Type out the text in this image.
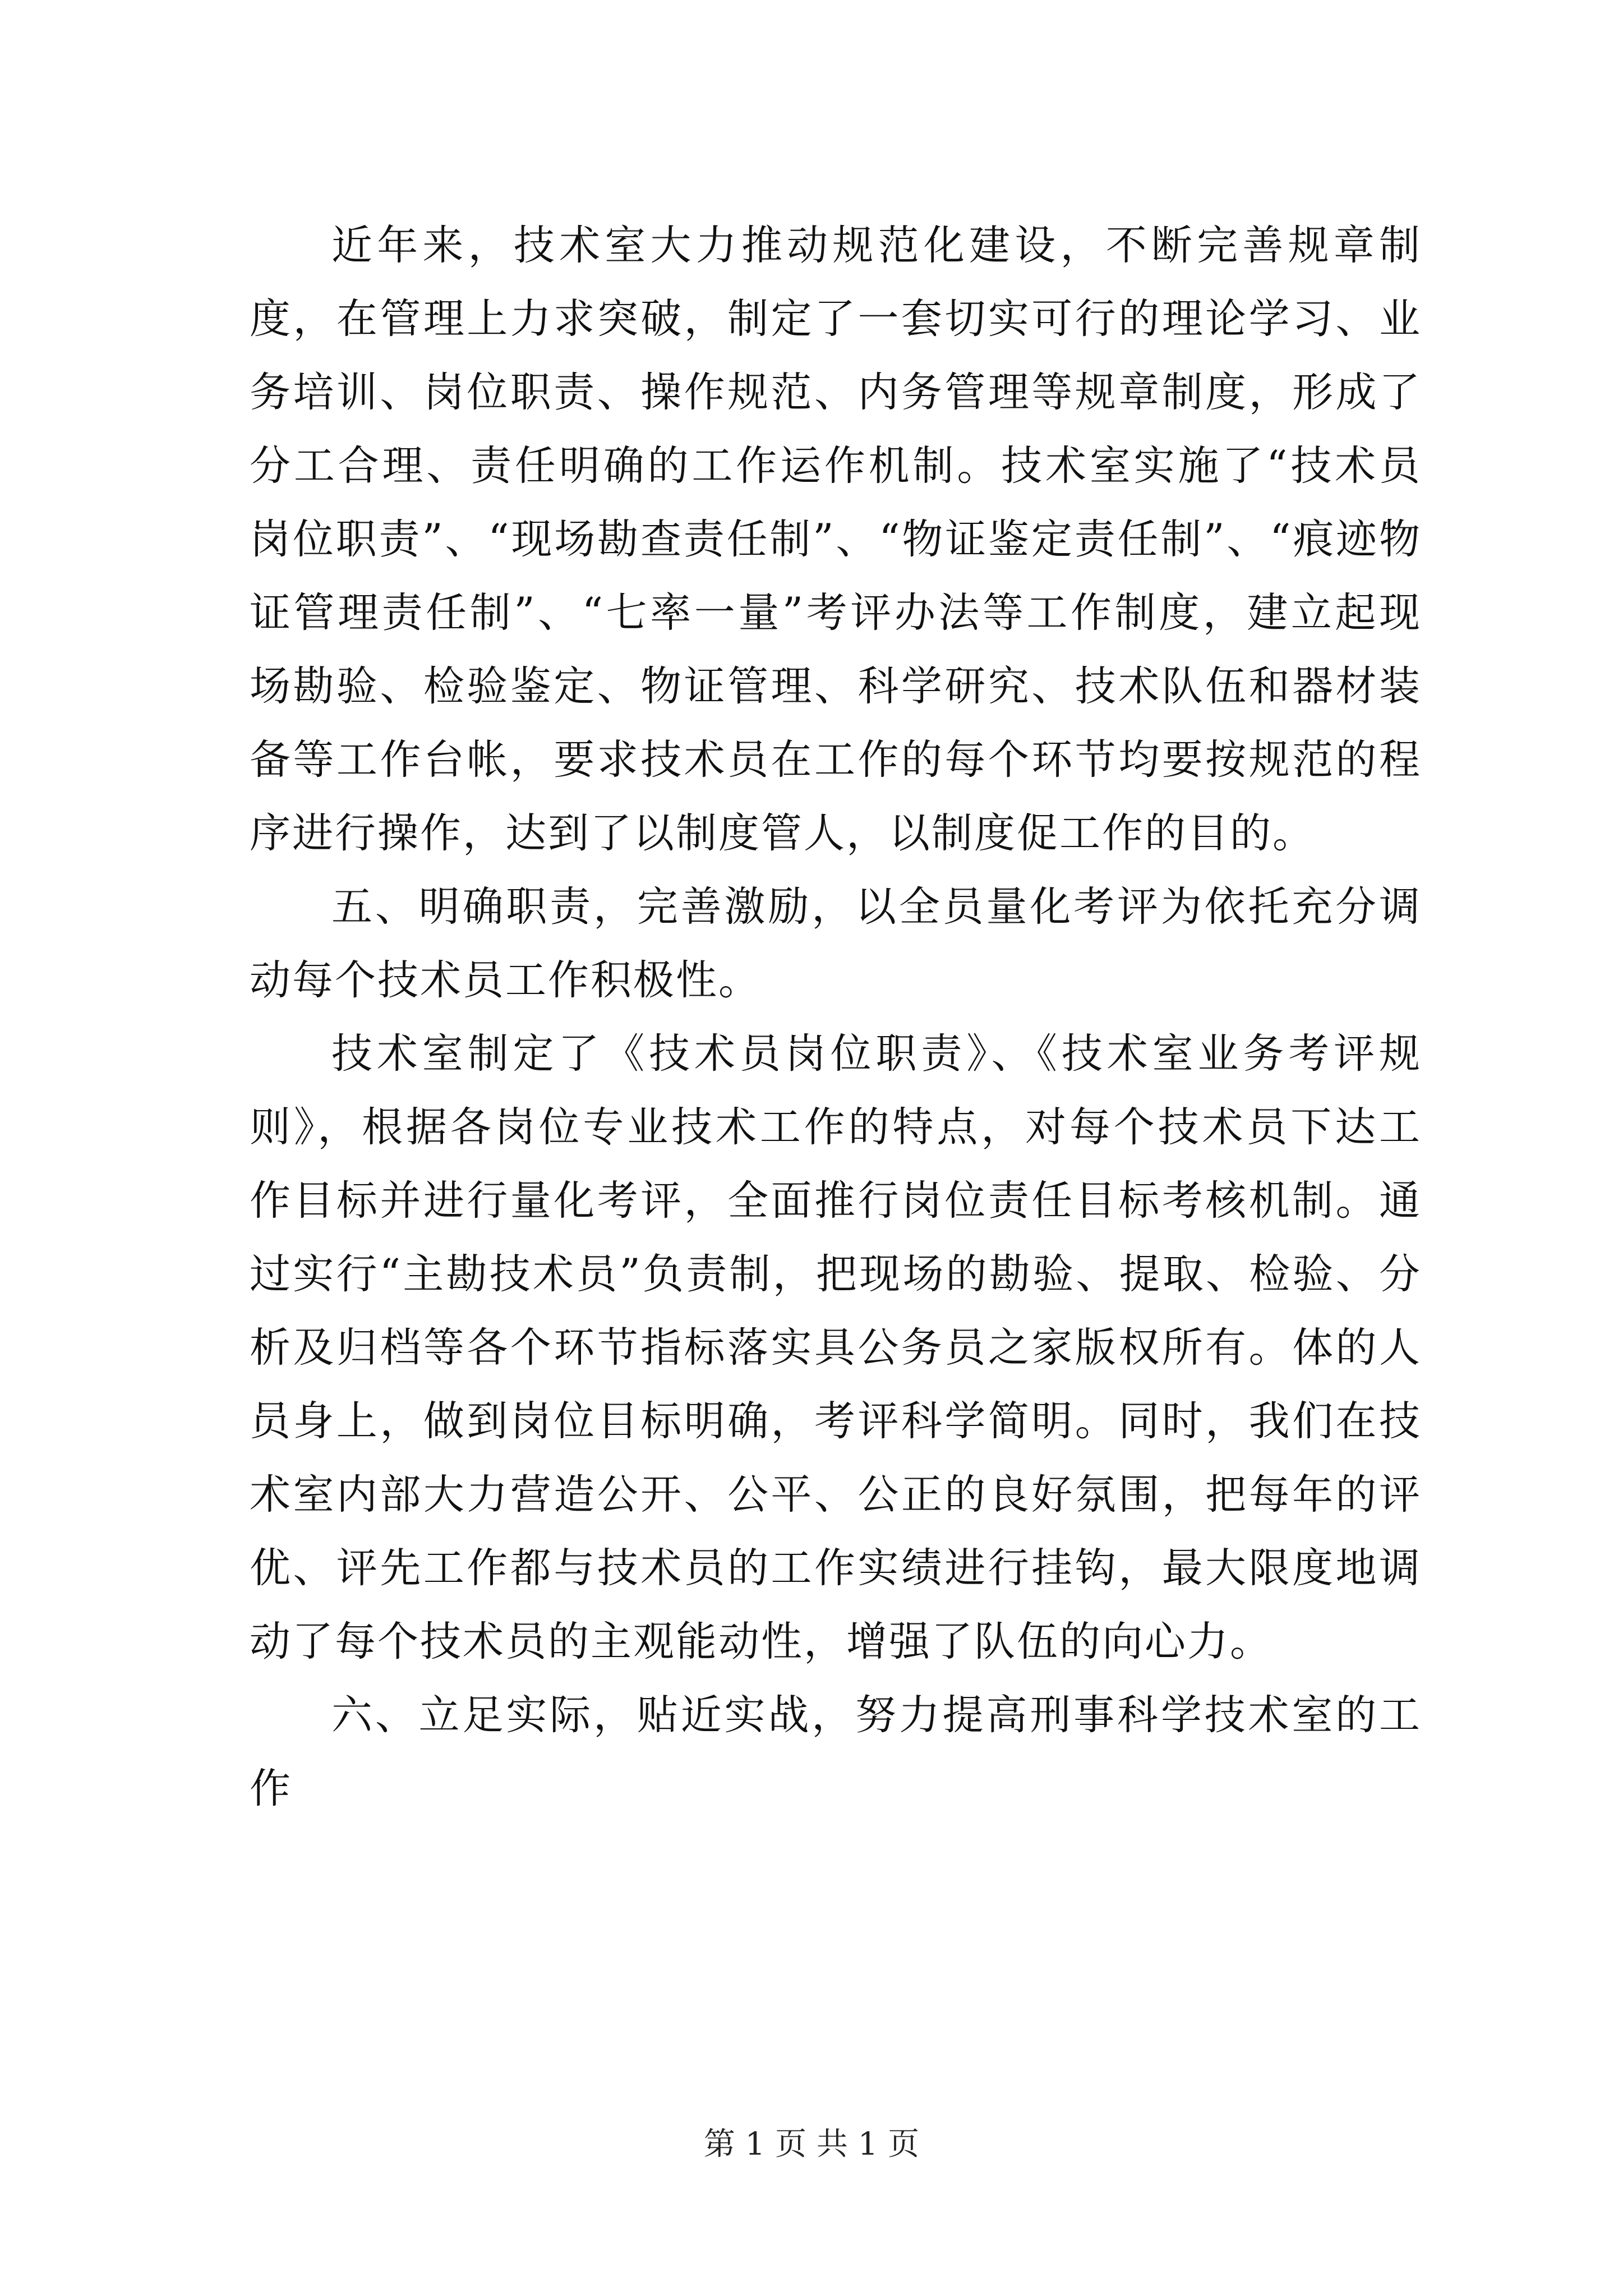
近年来，技术室大力推动规范化建设，不断完善规章制度，在管理上力求突破，制定了一套切实可行的理论学习、业务培训、岗位职责、操作规范、内务管理等规章制度，形成了分工合理、责任明确的工作运作机制。技术室实施了“技术员岗位职责”、“现场勘查责任制”、“物证鉴定责任制”、“痕迹物证管理责任制”、“七率一量”考评办法等工作制度，建立起现场勘验、检验鉴定、物证管理、科学研究、技术队伍和器材装备等工作台帐，要求技术员在工作的每个环节均要按规范的程序进行操作，达到了以制度管人，以制度促工作的目的。

五、明确职责，完善激励，以全员量化考评为依托充分调动每个技术员工作积极性。

技术室制定了《技术员岗位职责》、《技术室业务考评规则》，根据各岗位专业技术工作的特点，对每个技术员下达工作目标并进行量化考评，全面推行岗位责任目标考核机制。通过实行“主勘技术员”负责制，把现场的勘验、提取、检验、分析及归档等各个环节指标落实具公务员之家版权所有。体的人员身上，做到岗位目标明确，考评科学简明。同时，我们在技术室内部大力营造公开、公平、公正的良好氛围，把每年的评优、评先工作都与技术员的工作实绩进行挂钩，最大限度地调动了每个技术员的主观能动性，增强了队伍的向心力。

六、立足实际，贴近实战，努力提高刑事科学技术室的工作

第 1 页 共 1 页
